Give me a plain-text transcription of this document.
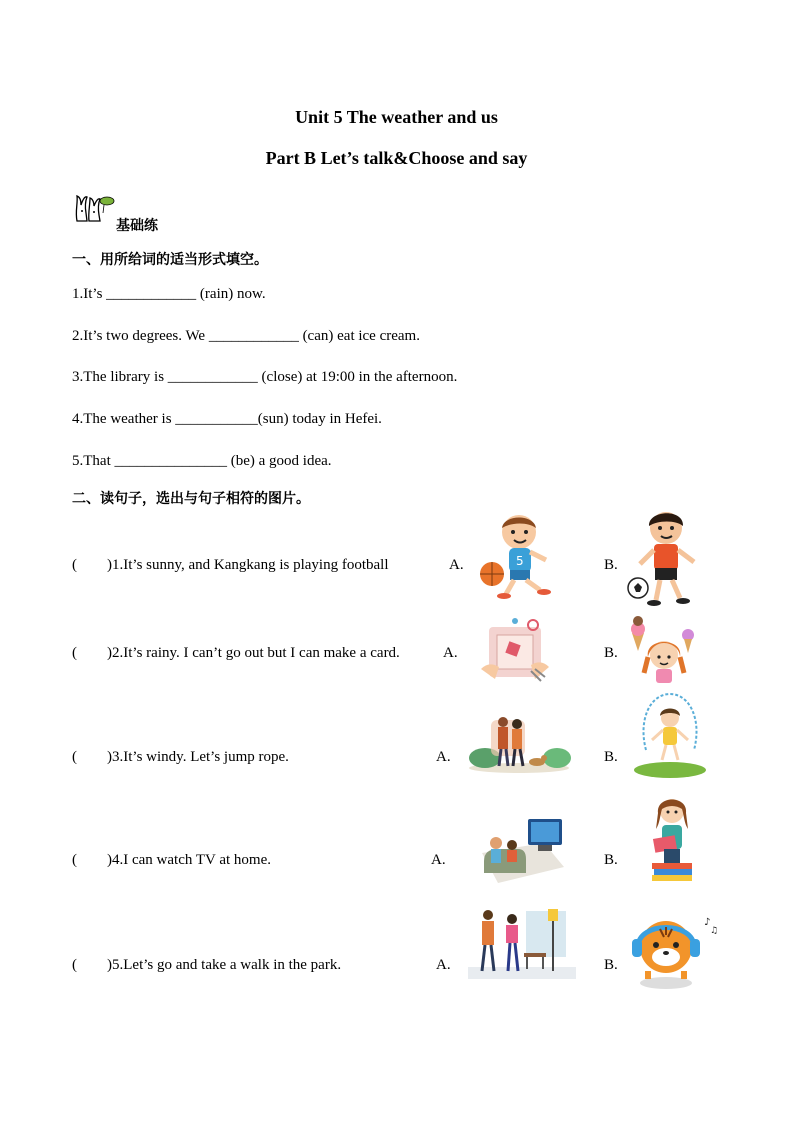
Unit 5 The weather and us
Part B Let’s talk&Choose and say
基础练
一、用所给词的适当形式填空。
1.It’s ____________ (rain) now.
2.It’s two degrees. We ____________ (can) eat ice cream.
3.The library is ____________ (close) at 19:00 in the afternoon.
4.The weather is ___________(sun) today in Hefei.
5.That _______________ (be) a good idea.
二、读句子，选出与句子相符的图片。
( )1.It’s sunny, and Kangkang is playing football	A.	B.
5
( )2.It’s rainy. I can’t go out but I can make a card.	A.	B.
( )3.It’s windy. Let’s jump rope.	A.	B.
( )4.I can watch TV at home.	A.	B.
( )5.Let’s go and take a walk in the park.	A.	B.
♪
♫
